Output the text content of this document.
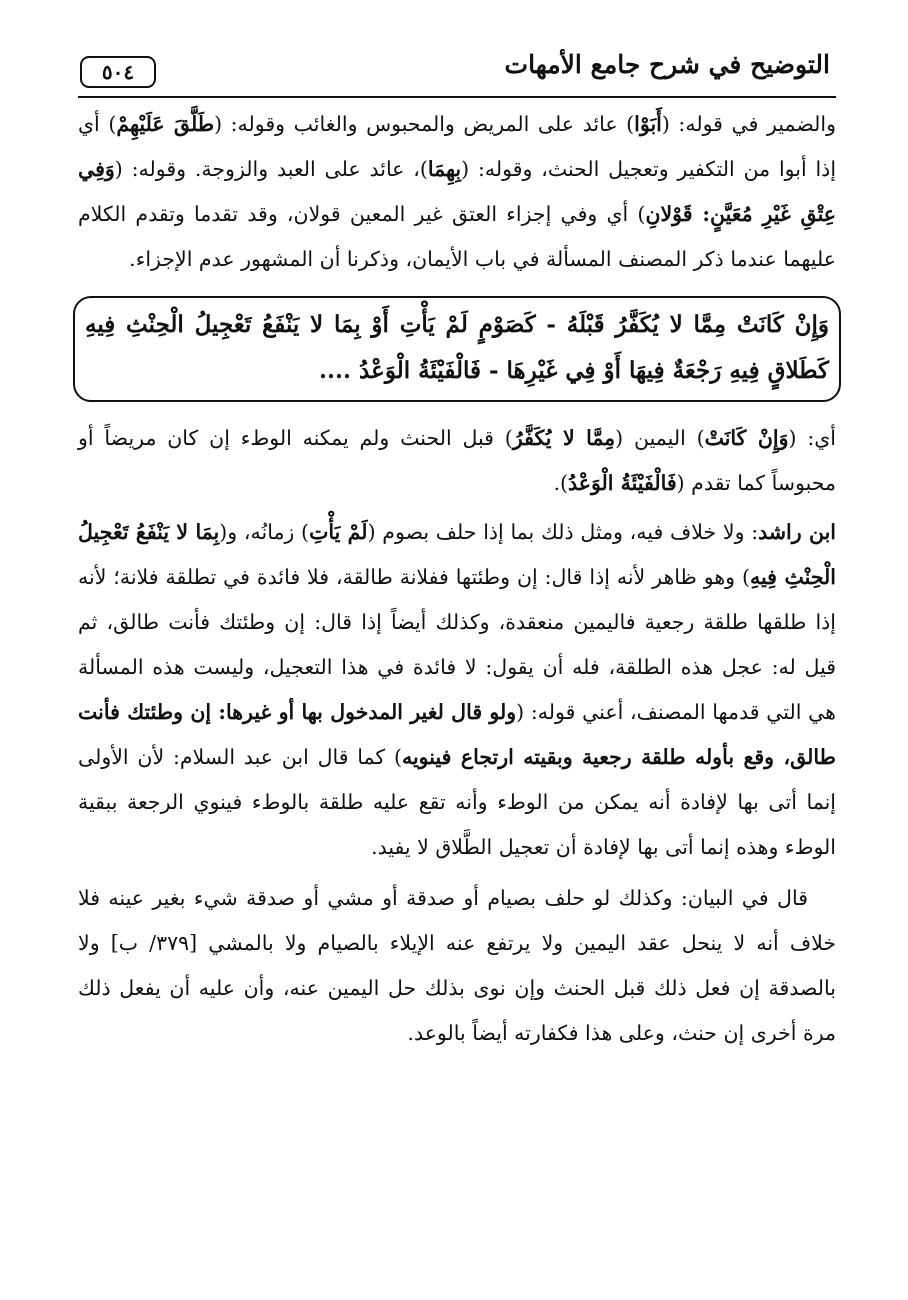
التوضيح في شرح جامع الأمهات
٥٠٤

والضمير في قوله: (أَبَوْا) عائد على المريض والمحبوس والغائب وقوله: (طَلَّقَ عَلَيْهِمْ) أي إذا أبوا من التكفير وتعجيل الحنث، وقوله: (بِهِمَا)، عائد على العبد والزوجة. وقوله: (وَفِي عِتْقِ غَيْرِ مُعَيَّنٍ: قَوْلانِ) أي وفي إجزاء العتق غير المعين قولان، وقد تقدما وتقدم الكلام عليهما عندما ذكر المصنف المسألة في باب الأيمان، وذكرنا أن المشهور عدم الإجزاء.

وَإِنْ كَانَتْ مِمَّا لا يُكَفَّرُ قَبْلَهُ - كَصَوْمٍ لَمْ يَأْتِ أَوْ بِمَا لا يَنْفَعُ تَعْجِيلُ الْحِنْثِ فِيهِ كَطَلاقٍ فِيهِ رَجْعَةٌ فِيهَا أَوْ فِي غَيْرِهَا - فَالْفَيْئَةُ الْوَعْدُ ....

أي: (وَإِنْ كَانَتْ) اليمين (مِمَّا لا يُكَفَّرُ) قبل الحنث ولم يمكنه الوطء إن كان مريضاً أو محبوساً كما تقدم (فَالْفَيْئَةُ الْوَعْدُ).

ابن راشد: ولا خلاف فيه، ومثل ذلك بما إذا حلف بصوم (لَمْ يَأْتِ) زمانُه، و(بِمَا لا يَنْفَعُ تَعْجِيلُ الْحِنْثِ فِيهِ) وهو ظاهر لأنه إذا قال: إن وطئتها ففلانة طالقة، فلا فائدة في تطلقة فلانة؛ لأنه إذا طلقها طلقة رجعية فاليمين منعقدة، وكذلك أيضاً إذا قال: إن وطئتك فأنت طالق، ثم قيل له: عجل هذه الطلقة، فله أن يقول: لا فائدة في هذا التعجيل، وليست هذه المسألة هي التي قدمها المصنف، أعني قوله: (ولو قال لغير المدخول بها أو غيرها: إن وطئتك فأنت طالق، وقع بأوله طلقة رجعية وبقيته ارتجاع فينويه) كما قال ابن عبد السلام: لأن الأولى إنما أتى بها لإفادة أنه يمكن من الوطء وأنه تقع عليه طلقة بالوطء فينوي الرجعة ببقية الوطء وهذه إنما أتى بها لإفادة أن تعجيل الطَّلاق لا يفيد.

قال في البيان: وكذلك لو حلف بصيام أو صدقة أو مشي أو صدقة شيء بغير عينه فلا خلاف أنه لا ينحل عقد اليمين ولا يرتفع عنه الإيلاء بالصيام ولا بالمشي [٣٧٩/ ب] ولا بالصدقة إن فعل ذلك قبل الحنث وإن نوى بذلك حل اليمين عنه، وأن عليه أن يفعل ذلك مرة أخرى إن حنث، وعلى هذا فكفارته أيضاً بالوعد.
